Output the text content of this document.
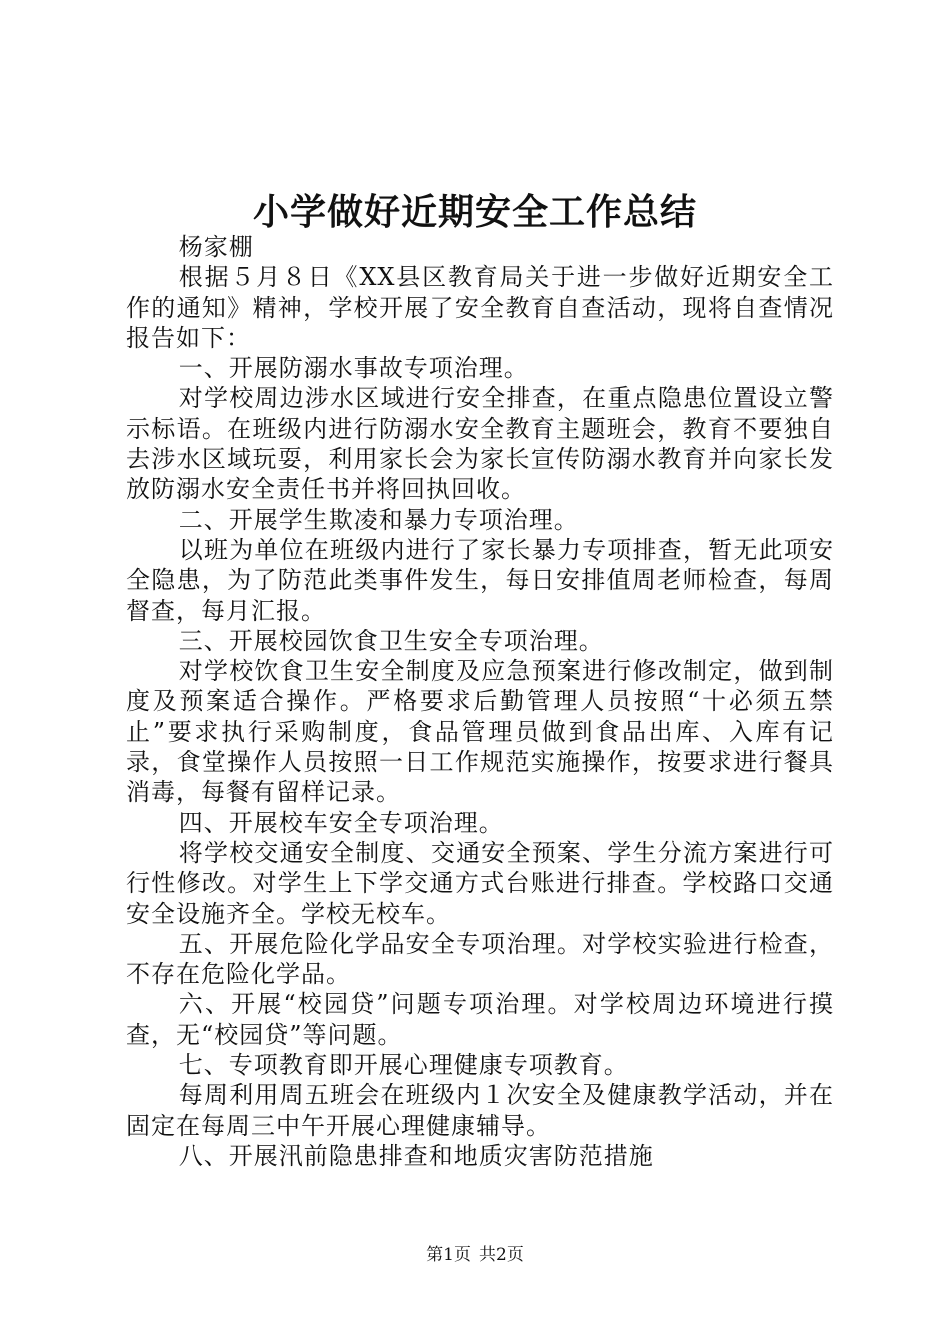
小学做好近期安全工作总结

杨家棚

根据５月８日《XX县区教育局关于进一步做好近期安全工作的通知》精神，学校开展了安全教育自查活动，现将自查情况报告如下：

一、开展防溺水事故专项治理。

对学校周边涉水区域进行安全排查，在重点隐患位置设立警示标语。在班级内进行防溺水安全教育主题班会，教育不要独自去涉水区域玩耍，利用家长会为家长宣传防溺水教育并向家长发放防溺水安全责任书并将回执回收。

二、开展学生欺凌和暴力专项治理。

以班为单位在班级内进行了家长暴力专项排查，暂无此项安全隐患，为了防范此类事件发生，每日安排值周老师检查，每周督查，每月汇报。

三、开展校园饮食卫生安全专项治理。

对学校饮食卫生安全制度及应急预案进行修改制定，做到制度及预案适合操作。严格要求后勤管理人员按照“十必须五禁止”要求执行采购制度，食品管理员做到食品出库、入库有记录，食堂操作人员按照一日工作规范实施操作，按要求进行餐具消毒，每餐有留样记录。

四、开展校车安全专项治理。

将学校交通安全制度、交通安全预案、学生分流方案进行可行性修改。对学生上下学交通方式台账进行排查。学校路口交通安全设施齐全。学校无校车。

五、开展危险化学品安全专项治理。对学校实验进行检查，不存在危险化学品。

六、开展“校园贷”问题专项治理。对学校周边环境进行摸查，无“校园贷”等问题。

七、专项教育即开展心理健康专项教育。

每周利用周五班会在班级内１次安全及健康教学活动，并在固定在每周三中午开展心理健康辅导。

八、开展汛前隐患排查和地质灾害防范措施

第1页 共2页
